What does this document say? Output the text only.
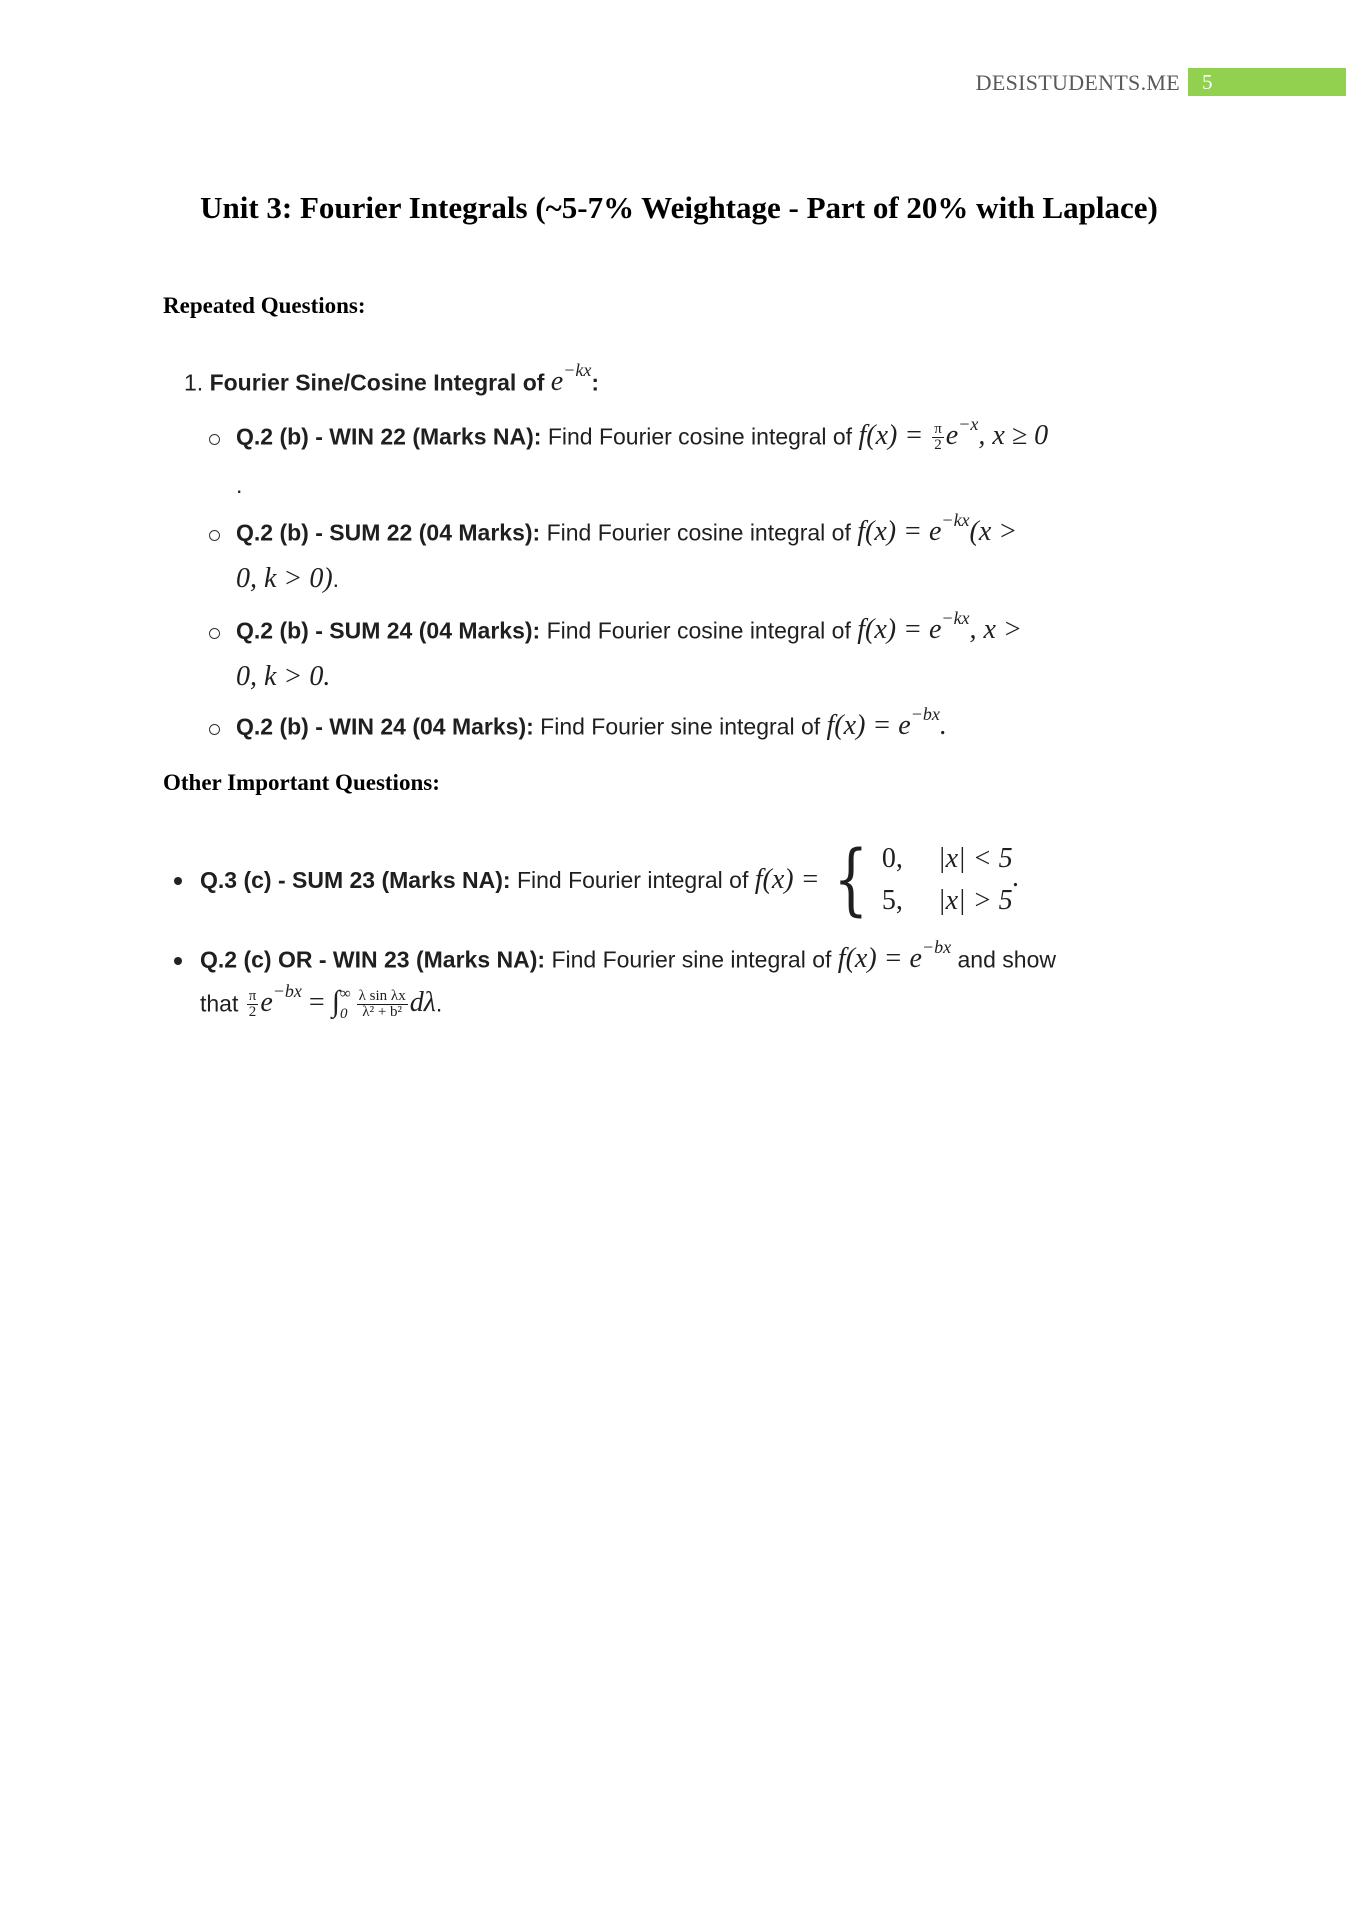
DESISTUDENTS.ME 5
Unit 3: Fourier Integrals (~5-7% Weightage - Part of 20% with Laplace)
Repeated Questions:
1. Fourier Sine/Cosine Integral of $e^{-kx}$:
Q.2 (b) - WIN 22 (Marks NA): Find Fourier cosine integral of $f(x) = \frac{\pi}{2} e^{-x}$, x ≥ 0
.
Q.2 (b) - SUM 22 (04 Marks): Find Fourier cosine integral of $f(x) = e^{-kx}(x$ >
0, k > 0).
Q.2 (b) - SUM 24 (04 Marks): Find Fourier cosine integral of $f(x) = e^{-kx}$, x >
0, k > 0.
Q.2 (b) - WIN 24 (04 Marks): Find Fourier sine integral of $f(x) = e^{-bx}$.
Other Important Questions:
Q.3 (c) - SUM 23 (Marks NA): Find Fourier integral of f(x) = { 0, |x| < 5
5, |x| > 5
.
Q.2 (c) OR - WIN 23 (Marks NA): Find Fourier sine integral of $f(x) = e^{-bx}$ and show
that $\frac{\pi}{2} e^{-bx}$ = ∫ ∞
$0 \frac{\text{λ sin λx}}{\text{λ² + b²}} d\lambda$.
